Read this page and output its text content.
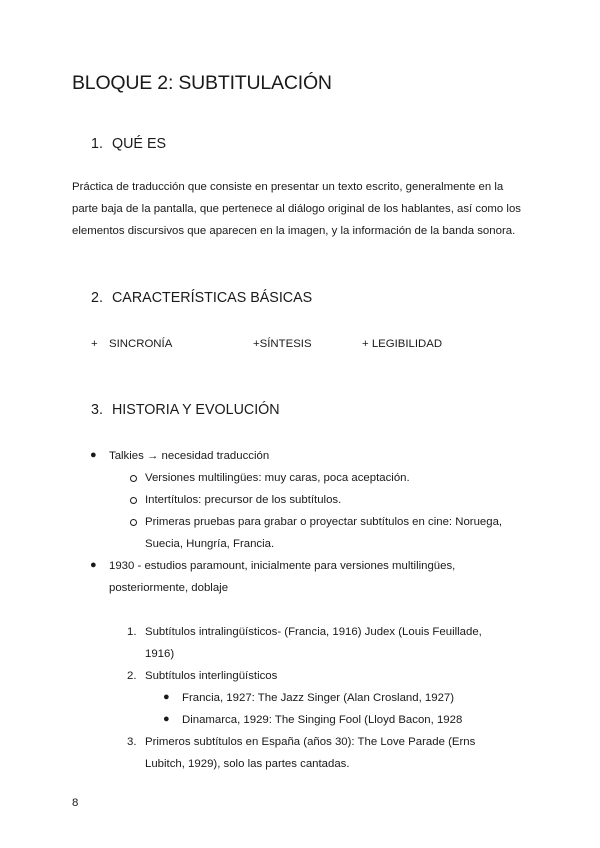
BLOQUE 2: SUBTITULACIÓN
1. QUÉ ES
Práctica de traducción que consiste en presentar un texto escrito, generalmente en la parte baja de la pantalla, que pertenece al diálogo original de los hablantes, así como los elementos discursivos que aparecen en la imagen, y la información de la banda sonora.
2. CARACTERÍSTICAS BÁSICAS
+ SINCRONÍA	+SÍNTESIS	+ LEGIBILIDAD
3. HISTORIA Y EVOLUCIÓN
● Talkies → necesidad traducción
Versiones multilingües: muy caras, poca aceptación.
Intertítulos: precursor de los subtítulos.
Primeras pruebas para grabar o proyectar subtítulos en cine: Noruega,
Suecia, Hungría, Francia.
● 1930 - estudios paramount, inicialmente para versiones multilingües,
posteriormente, doblaje
1. Subtítulos intralingüísticos- (Francia, 1916) Judex (Louis Feuillade,
1916)
2. Subtítulos interlingüísticos
● Francia, 1927: The Jazz Singer (Alan Crosland, 1927)
● Dinamarca, 1929: The Singing Fool (Lloyd Bacon, 1928
3. Primeros subtítulos en España (años 30): The Love Parade (Erns
Lubitch, 1929), solo las partes cantadas.
8
